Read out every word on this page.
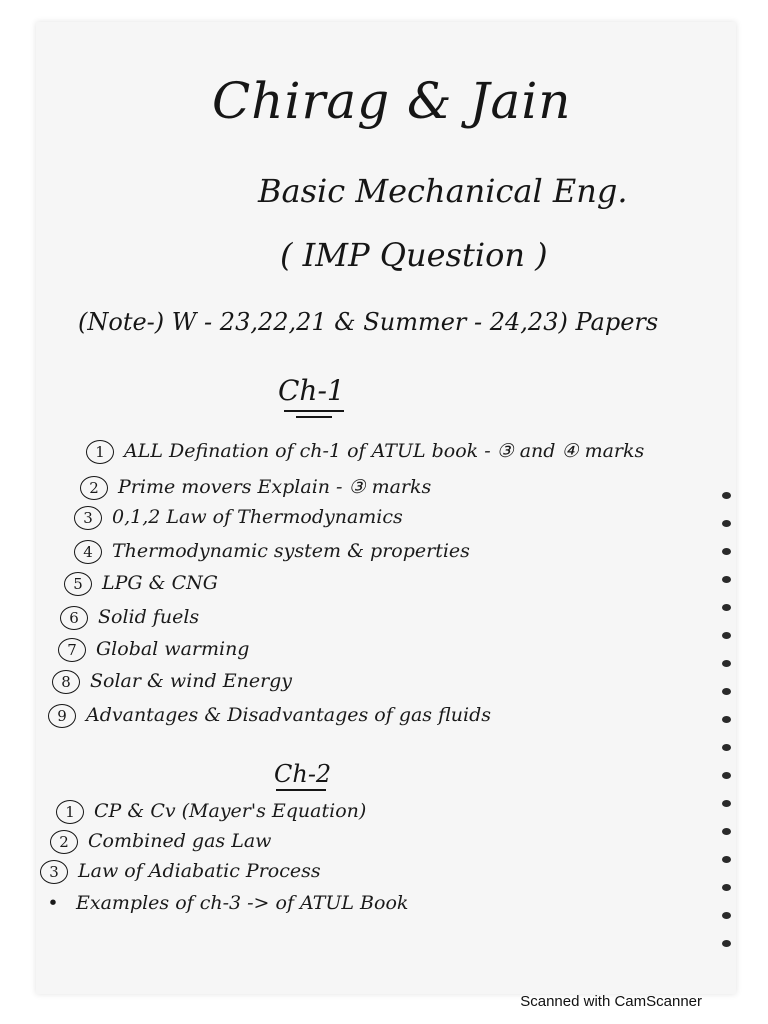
Chirag & Jain
Basic Mechanical Eng.
( IMP Question )
(Note-) W - 23,22,21 & Summer - 24,23) Papers
Ch-1
1 ALL Defination of ch-1 of ATUL book - ③ and ④ marks
2 Prime movers Explain - ③ marks
3 0,1,2 Law of Thermodynamics
4 Thermodynamic system & properties
5 LPG & CNG
6 Solid fuels
7 Global warming
8 Solar & wind Energy
9 Advantages & Disadvantages of gas fluids
Ch-2
1 CP & Cv (Mayer's Equation)
2 Combined gas Law
3 Law of Adiabatic Process
• Examples of ch-3 -> of ATUL Book
Scanned with CamScanner
